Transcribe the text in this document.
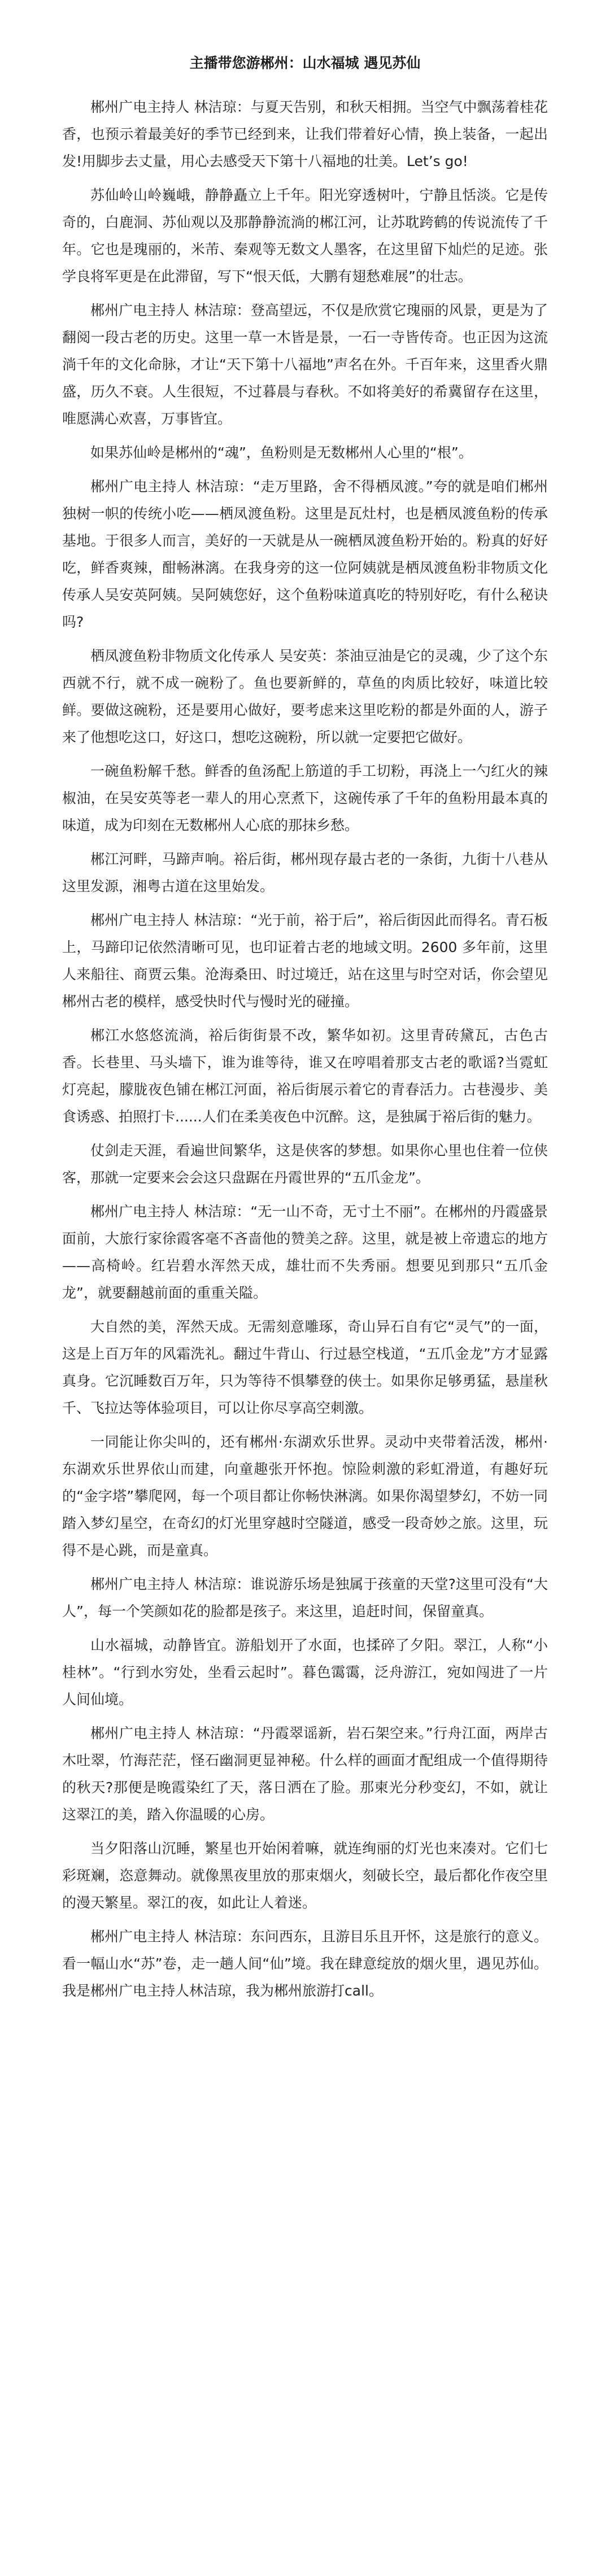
主播带您游郴州：山水福城 遇见苏仙

郴州广电主持人 林洁琼：与夏天告别，和秋天相拥。当空气中飘荡着桂花香，也预示着最美好的季节已经到来，让我们带着好心情，换上装备，一起出发!用脚步去丈量，用心去感受天下第十八福地的壮美。Let’s go!

苏仙岭山岭巍峨，静静矗立上千年。阳光穿透树叶，宁静且恬淡。它是传奇的，白鹿洞、苏仙观以及那静静流淌的郴江河，让苏耽跨鹤的传说流传了千年。它也是瑰丽的，米芾、秦观等无数文人墨客，在这里留下灿烂的足迹。张学良将军更是在此滞留，写下“恨天低，大鹏有翅愁难展”的壮志。

郴州广电主持人 林洁琼：登高望远，不仅是欣赏它瑰丽的风景，更是为了翻阅一段古老的历史。这里一草一木皆是景，一石一寺皆传奇。也正因为这流淌千年的文化命脉，才让“天下第十八福地”声名在外。千百年来，这里香火鼎盛，历久不衰。人生很短，不过暮晨与春秋。不如将美好的希冀留存在这里，唯愿满心欢喜，万事皆宜。

如果苏仙岭是郴州的“魂”，鱼粉则是无数郴州人心里的“根”。

郴州广电主持人 林洁琼：“走万里路，舍不得栖凤渡。”夸的就是咱们郴州独树一帜的传统小吃——栖凤渡鱼粉。这里是瓦灶村，也是栖凤渡鱼粉的传承基地。于很多人而言，美好的一天就是从一碗栖凤渡鱼粉开始的。粉真的好好吃，鲜香爽辣，酣畅淋漓。在我身旁的这一位阿姨就是栖凤渡鱼粉非物质文化传承人吴安英阿姨。吴阿姨您好，这个鱼粉味道真吃的特别好吃，有什么秘诀吗?

栖凤渡鱼粉非物质文化传承人 吴安英：茶油豆油是它的灵魂，少了这个东西就不行，就不成一碗粉了。鱼也要新鲜的，草鱼的肉质比较好，味道比较鲜。要做这碗粉，还是要用心做好，要考虑来这里吃粉的都是外面的人，游子来了他想吃这口，好这口，想吃这碗粉，所以就一定要把它做好。

一碗鱼粉解千愁。鲜香的鱼汤配上筋道的手工切粉，再浇上一勺红火的辣椒油，在吴安英等老一辈人的用心烹煮下，这碗传承了千年的鱼粉用最本真的味道，成为印刻在无数郴州人心底的那抹乡愁。

郴江河畔，马蹄声响。裕后街，郴州现存最古老的一条街，九街十八巷从这里发源，湘粤古道在这里始发。

郴州广电主持人 林洁琼：“光于前，裕于后”，裕后街因此而得名。青石板上，马蹄印记依然清晰可见，也印证着古老的地域文明。2600 多年前，这里人来船往、商贾云集。沧海桑田、时过境迁，站在这里与时空对话，你会望见郴州古老的模样，感受快时代与慢时光的碰撞。

郴江水悠悠流淌，裕后街街景不改，繁华如初。这里青砖黛瓦，古色古香。长巷里、马头墙下，谁为谁等待，谁又在哼唱着那支古老的歌谣?当霓虹灯亮起，朦胧夜色铺在郴江河面，裕后街展示着它的青春活力。古巷漫步、美食诱惑、拍照打卡......人们在柔美夜色中沉醉。这，是独属于裕后街的魅力。

仗剑走天涯，看遍世间繁华，这是侠客的梦想。如果你心里也住着一位侠客，那就一定要来会会这只盘踞在丹霞世界的“五爪金龙”。

郴州广电主持人 林洁琼：“无一山不奇，无寸土不丽”。在郴州的丹霞盛景面前，大旅行家徐霞客毫不吝啬他的赞美之辞。这里，就是被上帝遗忘的地方——高椅岭。红岩碧水浑然天成，雄壮而不失秀丽。想要见到那只“五爪金龙”，就要翻越前面的重重关隘。

大自然的美，浑然天成。无需刻意雕琢，奇山异石自有它“灵气”的一面，这是上百万年的风霜洗礼。翻过牛背山、行过悬空栈道，“五爪金龙”方才显露真身。它沉睡数百万年，只为等待不惧攀登的侠士。如果你足够勇猛，悬崖秋千、飞拉达等体验项目，可以让你尽享高空刺激。

一同能让你尖叫的，还有郴州·东湖欢乐世界。灵动中夹带着活泼，郴州·东湖欢乐世界依山而建，向童趣张开怀抱。惊险刺激的彩虹滑道，有趣好玩的“金字塔”攀爬网，每一个项目都让你畅快淋漓。如果你渴望梦幻，不妨一同踏入梦幻星空，在奇幻的灯光里穿越时空隧道，感受一段奇妙之旅。这里，玩得不是心跳，而是童真。

郴州广电主持人 林洁琼：谁说游乐场是独属于孩童的天堂?这里可没有“大人”，每一个笑颜如花的脸都是孩子。来这里，追赶时间，保留童真。

山水福城，动静皆宜。游船划开了水面，也揉碎了夕阳。翠江，人称“小桂林”。“行到水穷处，坐看云起时”。暮色霭霭，泛舟游江，宛如闯进了一片人间仙境。

郴州广电主持人 林洁琼：“丹霞翠谣新，岩石架空来。”行舟江面，两岸古木吐翠，竹海茫茫，怪石幽洞更显神秘。什么样的画面才配组成一个值得期待的秋天?那便是晚霞染红了天，落日洒在了脸。那柬光分秒变幻，不如，就让这翠江的美，踏入你温暖的心房。

当夕阳落山沉睡，繁星也开始闲着嘛，就连绚丽的灯光也来凑对。它们七彩斑斓，恣意舞动。就像黑夜里放的那束烟火，刻破长空，最后都化作夜空里的漫天繁星。翠江的夜，如此让人着迷。

郴州广电主持人 林洁琼：东问西东，且游目乐且开怀，这是旅行的意义。看一幅山水“苏”卷，走一趟人间“仙”境。我在肆意绽放的烟火里，遇见苏仙。我是郴州广电主持人林洁琼，我为郴州旅游打call。
